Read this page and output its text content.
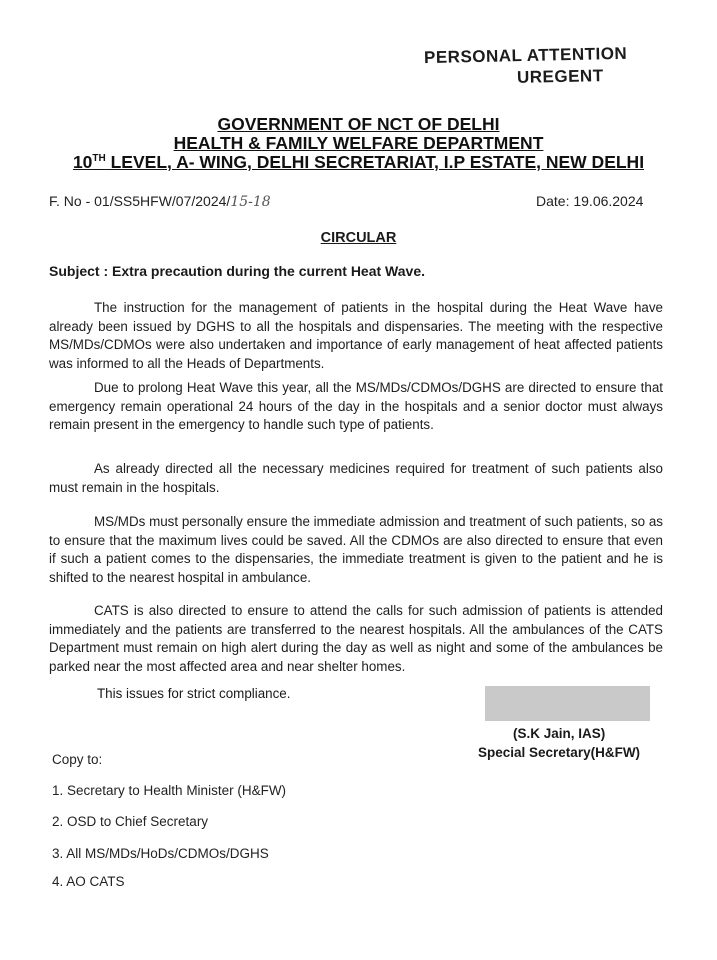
PERSONAL ATTENTION
UREGENT
GOVERNMENT OF NCT OF DELHI
HEALTH & FAMILY WELFARE DEPARTMENT
10TH LEVEL, A- WING, DELHI SECRETARIAT, I.P ESTATE, NEW DELHI
F. No - 01/SS5HFW/07/2024/15-18	Date: 19.06.2024
CIRCULAR
Subject : Extra precaution during the current Heat Wave.
The instruction for the management of patients in the hospital during the Heat Wave have already been issued by DGHS to all the hospitals and dispensaries. The meeting with the respective MS/MDs/CDMOs were also undertaken and importance of early management of heat affected patients was informed to all the Heads of Departments.
Due to prolong Heat Wave this year, all the MS/MDs/CDMOs/DGHS are directed to ensure that emergency remain operational 24 hours of the day in the hospitals and a senior doctor must always remain present in the emergency to handle such type of patients.
As already directed all the necessary medicines required for treatment of such patients also must remain in the hospitals.
MS/MDs must personally ensure the immediate admission and treatment of such patients, so as to ensure that the maximum lives could be saved. All the CDMOs are also directed to ensure that even if such a patient comes to the dispensaries, the immediate treatment is given to the patient and he is shifted to the nearest hospital in ambulance.
CATS is also directed to ensure to attend the calls for such admission of patients is attended immediately and the patients are transferred to the nearest hospitals. All the ambulances of the CATS Department must remain on high alert during the day as well as night and some of the ambulances be parked near the most affected area and near shelter homes.
This issues for strict compliance.
(S.K Jain, IAS)
Special Secretary(H&FW)
Copy to:
1. Secretary to Health Minister (H&FW)
2. OSD to Chief Secretary
3. All MS/MDs/HoDs/CDMOs/DGHS
4. AO CATS
